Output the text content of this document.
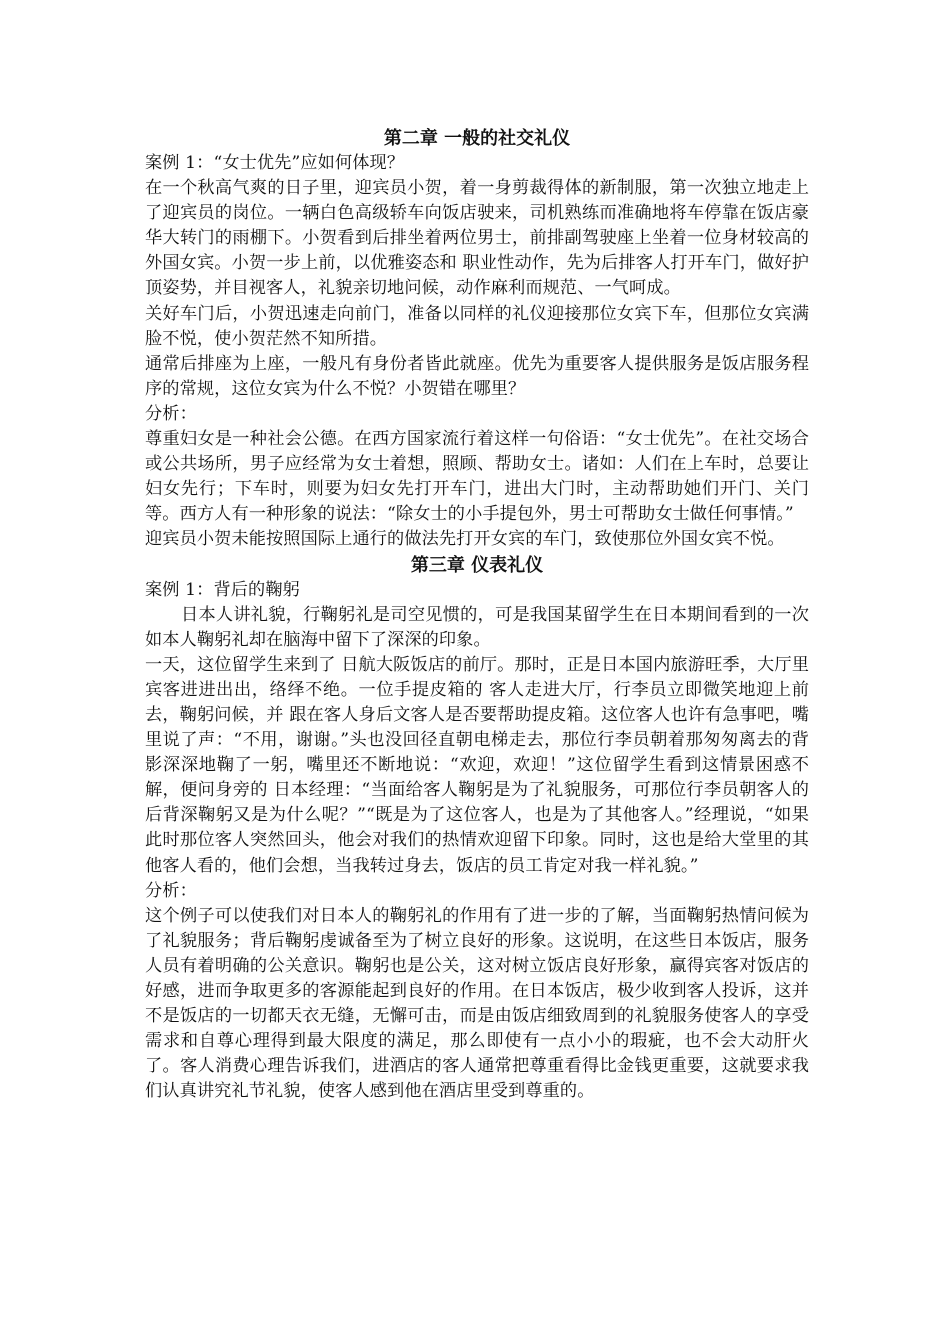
第二章 一般的社交礼仪

案例 1：“女士优先”应如何体现？

在一个秋高气爽的日子里，迎宾员小贺，着一身剪裁得体的新制服，第一次独立地走上了迎宾员的岗位。一辆白色高级轿车向饭店驶来，司机熟练而准确地将车停靠在饭店豪华大转门的雨棚下。小贺看到后排坐着两位男士，前排副驾驶座上坐着一位身材较高的外国女宾。小贺一步上前，以优雅姿态和 职业性动作，先为后排客人打开车门，做好护顶姿势，并目视客人，礼貌亲切地问候，动作麻利而规范、一气呵成。

关好车门后，小贺迅速走向前门，准备以同样的礼仪迎接那位女宾下车，但那位女宾满脸不悦，使小贺茫然不知所措。

通常后排座为上座，一般凡有身份者皆此就座。优先为重要客人提供服务是饭店服务程序的常规，这位女宾为什么不悦？小贺错在哪里？

分析：

尊重妇女是一种社会公德。在西方国家流行着这样一句俗语：“女士优先”。在社交场合或公共场所，男子应经常为女士着想，照顾、帮助女士。诸如：人们在上车时，总要让妇女先行；下车时，则要为妇女先打开车门，进出大门时，主动帮助她们开门、关门等。西方人有一种形象的说法：“除女士的小手提包外，男士可帮助女士做任何事情。”

迎宾员小贺未能按照国际上通行的做法先打开女宾的车门，致使那位外国女宾不悦。

第三章 仪表礼仪

案例 1：背后的鞠躬

日本人讲礼貌，行鞠躬礼是司空见惯的，可是我国某留学生在日本期间看到的一次如本人鞠躬礼却在脑海中留下了深深的印象。

一天，这位留学生来到了 日航大阪饭店的前厅。那时，正是日本国内旅游旺季，大厅里宾客进进出出，络绎不绝。一位手提皮箱的 客人走进大厅，行李员立即微笑地迎上前去，鞠躬问候，并 跟在客人身后文客人是否要帮助提皮箱。这位客人也许有急事吧，嘴里说了声：“不用，谢谢。”头也没回径直朝电梯走去，那位行李员朝着那匆匆离去的背影深深地鞠了一躬，嘴里还不断地说：“欢迎，欢迎！”这位留学生看到这情景困惑不解，便问身旁的 日本经理：“当面给客人鞠躬是为了礼貌服务，可那位行李员朝客人的后背深鞠躬又是为什么呢？”“既是为了这位客人，也是为了其他客人。”经理说，“如果此时那位客人突然回头，他会对我们的热情欢迎留下印象。同时，这也是给大堂里的其他客人看的，他们会想，当我转过身去，饭店的员工肯定对我一样礼貌。”

分析：

这个例子可以使我们对日本人的鞠躬礼的作用有了进一步的了解，当面鞠躬热情问候为了礼貌服务；背后鞠躬虔诚备至为了树立良好的形象。这说明，在这些日本饭店，服务人员有着明确的公关意识。鞠躬也是公关，这对树立饭店良好形象，赢得宾客对饭店的好感，进而争取更多的客源能起到良好的作用。在日本饭店，极少收到客人投诉，这并不是饭店的一切都天衣无缝，无懈可击，而是由饭店细致周到的礼貌服务使客人的享受需求和自尊心理得到最大限度的满足，那么即使有一点小小的瑕疵，也不会大动肝火了。客人消费心理告诉我们，进酒店的客人通常把尊重看得比金钱更重要，这就要求我们认真讲究礼节礼貌，使客人感到他在酒店里受到尊重的。
